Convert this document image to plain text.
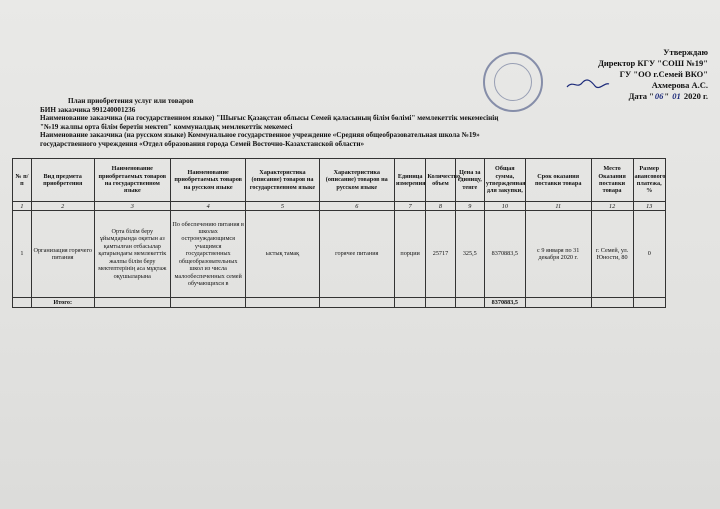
Утверждаю
Директор КГУ "СОШ №19"
ГУ "ОО г.Семей ВКО"
Ахмерова А.С.
Дата "06" 01 2020 г.
План приобретения услуг или товаров
БИН заказчика 991240001236
Наименование заказчика (на государственном языке) "Шығыс Қазақстан облысы Семей қаласының білім бөлімі" мемлекеттік мекемесінің
"№19 жалпы орта білім беретін мектеп" коммуналдық мемлекеттік мекемесі
Наименование заказчика (на русском языке) Коммунальное государственное учреждение «Средняя общеобразовательная школа №19»
государственного учреждения «Отдел образования города Семей Восточно-Казахстанской области»
№ п/п	Вид предмета приобретения	Наименование приобретаемых товаров на государственном языке	Наименование приобретаемых товаров на русском языке	Характеристика (описание) товаров на государственном языке	Характеристика (описание) товаров на русском языке	Единица измерения	Количество, объем	Цена за единицу, тенге	Общая сумма, утвержденная для закупки,	Срок оказания поставки товара	Место Оказания поставки товара	Размер авансового платежа, %
1	2	3	4	5	6	7	8	9	10	11	12	13
1	Организация горячего питания	Орта білім беру ұйымдарында оқитын аз қамтылған отбасылар қатарындағы мемлекеттік жалпы білім беру мектептерінің аса мұқтаж оқушыларына	По обеспечению питания в школах остронуждающимся учащимся государственных общеобразовательных школ из числа малообеспеченных семей обучающихся в	ыстық тамақ	горячее питания	порции	25717	325,5	8370883,5	с 9 января по 31 декабря 2020 г.	г. Семей, ул. Юности, 80	0
	Итого:								8370883,5			
